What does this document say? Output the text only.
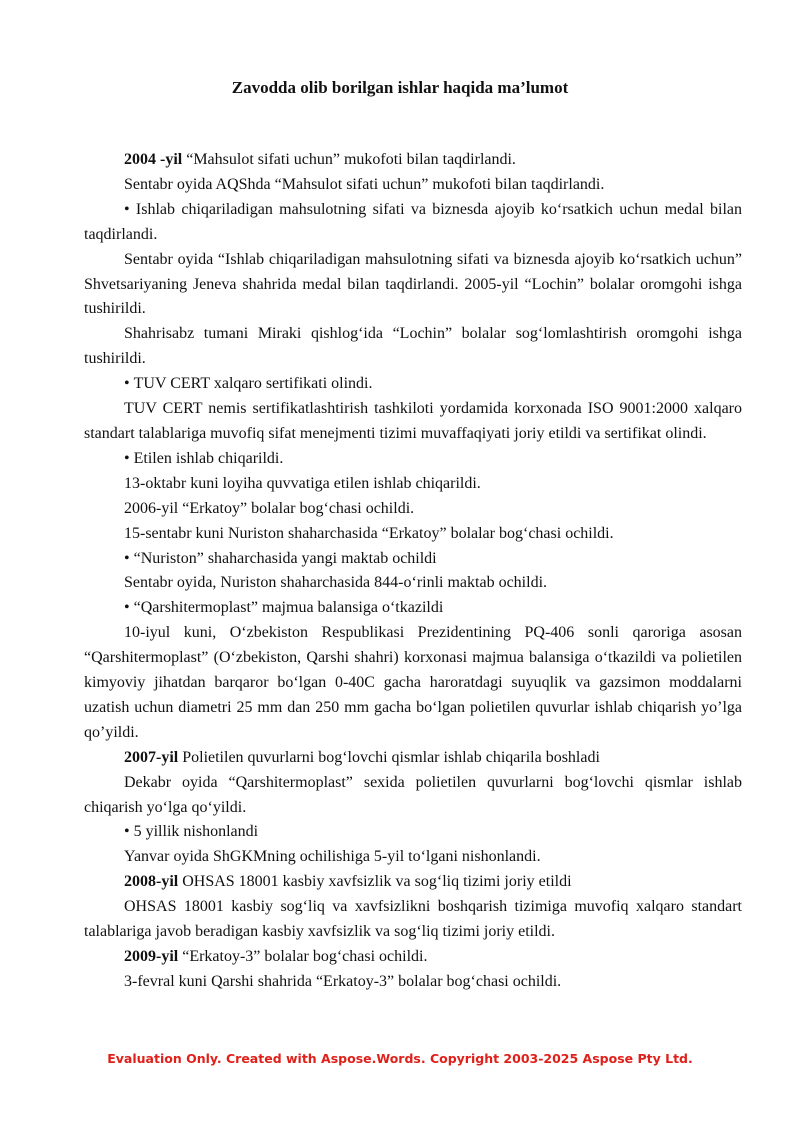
Zavodda olib borilgan ishlar haqida ma’lumot

2004 -yil “Mahsulot sifati uchun” mukofoti bilan taqdirlandi.

Sentabr oyida AQShda “Mahsulot sifati uchun” mukofoti bilan taqdirlandi.

• Ishlab chiqariladigan mahsulotning sifati va biznesda ajoyib ko‘rsatkich uchun medal bilan taqdirlandi.

Sentabr oyida “Ishlab chiqariladigan mahsulotning sifati va biznesda ajoyib ko‘rsatkich uchun” Shvetsariyaning Jeneva shahrida medal bilan taqdirlandi. 2005-yil “Lochin” bolalar oromgohi ishga tushirildi.

Shahrisabz tumani Miraki qishlog‘ida “Lochin” bolalar sog‘lomlashtirish oromgohi ishga tushirildi.

• TUV CERT xalqaro sertifikati olindi.

TUV CERT nemis sertifikatlashtirish tashkiloti yordamida korxonada ISO 9001:2000 xalqaro standart talablariga muvofiq sifat menejmenti tizimi muvaffaqiyati joriy etildi va sertifikat olindi.

• Etilen ishlab chiqarildi.

13-oktabr kuni loyiha quvvatiga etilen ishlab chiqarildi.

2006-yil “Erkatoy” bolalar bog‘chasi ochildi.

15-sentabr kuni Nuriston shaharchasida “Erkatoy” bolalar bog‘chasi ochildi.

• “Nuriston” shaharchasida yangi maktab ochildi

Sentabr oyida, Nuriston shaharchasida 844-o‘rinli maktab ochildi.

• “Qarshitermoplast” majmua balansiga o‘tkazildi

10-iyul kuni, O‘zbekiston Respublikasi Prezidentining PQ-406 sonli qaroriga asosan “Qarshitermoplast” (O‘zbekiston, Qarshi shahri) korxonasi majmua balansiga o‘tkazildi va polietilen kimyoviy jihatdan barqaror bo‘lgan 0-40C gacha haroratdagi suyuqlik va gazsimon moddalarni uzatish uchun diametri 25 mm dan 250 mm gacha bo‘lgan polietilen quvurlar ishlab chiqarish yo’lga qo’yildi.

2007-yil Polietilen quvurlarni bog‘lovchi qismlar ishlab chiqarila boshladi

Dekabr oyida “Qarshitermoplast” sexida polietilen quvurlarni bog‘lovchi qismlar ishlab chiqarish yo‘lga qo‘yildi.

• 5 yillik nishonlandi

Yanvar oyida ShGKMning ochilishiga 5-yil to‘lgani nishonlandi.

2008-yil OHSAS 18001 kasbiy xavfsizlik va sog‘liq tizimi joriy etildi

OHSAS 18001 kasbiy sog‘liq va xavfsizlikni boshqarish tizimiga muvofiq xalqaro standart talablariga javob beradigan kasbiy xavfsizlik va sog‘liq tizimi joriy etildi.

2009-yil “Erkatoy-3” bolalar bog‘chasi ochildi.

3-fevral kuni Qarshi shahrida “Erkatoy-3” bolalar bog‘chasi ochildi.

Evaluation Only. Created with Aspose.Words. Copyright 2003-2025 Aspose Pty Ltd.
